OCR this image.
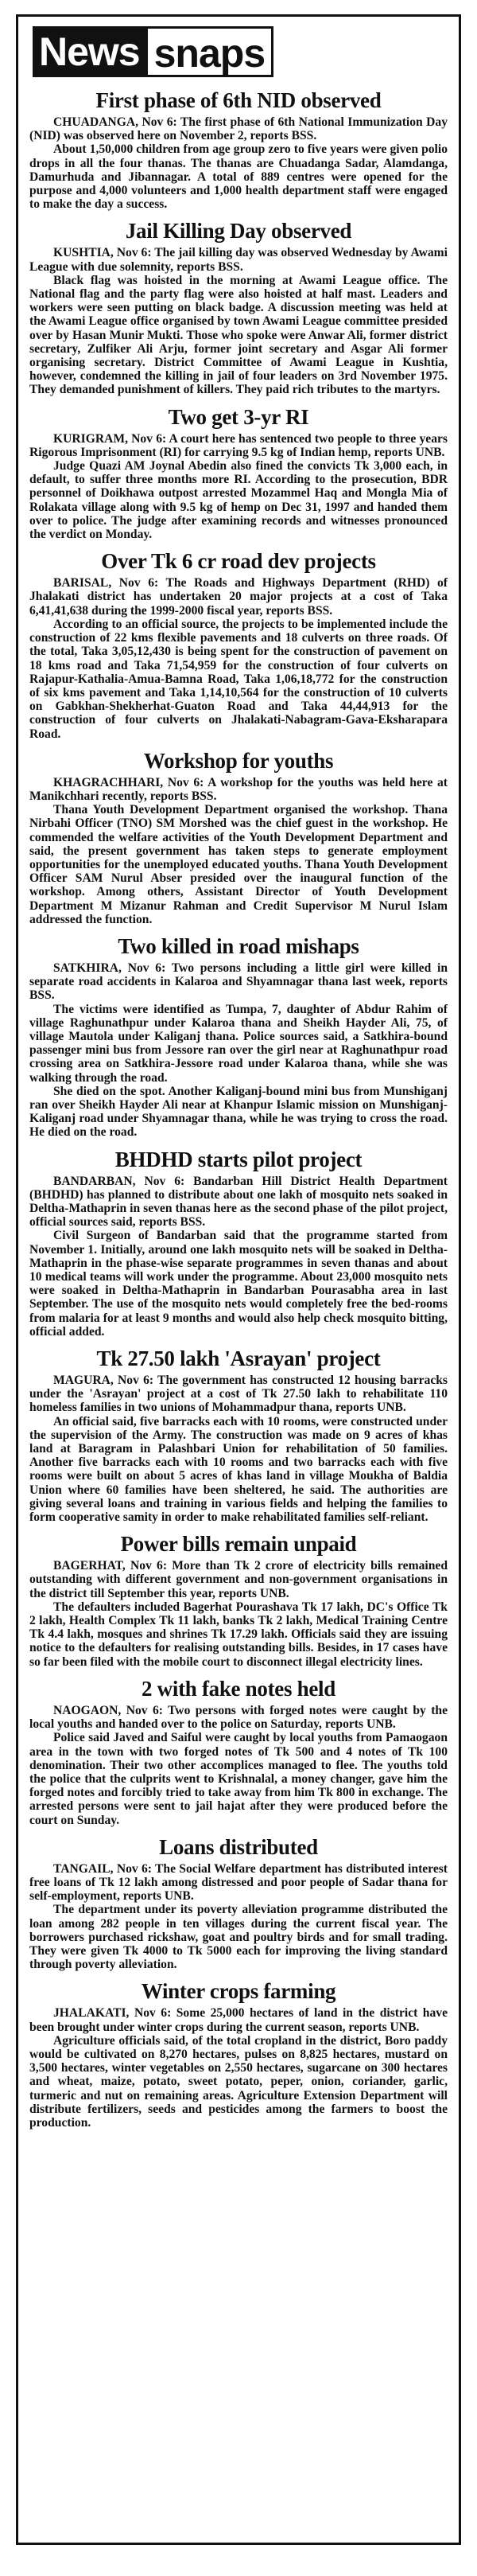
News snaps
First phase of 6th NID observed

CHUADANGA, Nov 6: The first phase of 6th National Immunization Day (NID) was observed here on November 2, reports BSS.

About 1,50,000 children from age group zero to five years were given polio drops in all the four thanas. The thanas are Chuadanga Sadar, Alamdanga, Damurhuda and Jibannagar. A total of 889 centres were opened for the purpose and 4,000 volunteers and 1,000 health department staff were engaged to make the day a success.

Jail Killing Day observed

KUSHTIA, Nov 6: The jail killing day was observed Wednesday by Awami League with due solemnity, reports BSS.

Black flag was hoisted in the morning at Awami League office. The National flag and the party flag were also hoisted at half mast. Leaders and workers were seen putting on black badge. A discussion meeting was held at the Awami League office organised by town Awami League committee presided over by Hasan Munir Mukti. Those who spoke were Anwar Ali, former district secretary, Zulfiker Ali Arju, former joint secretary and Asgar Ali former organising secretary. District Committee of Awami League in Kushtia, however, condemned the killing in jail of four leaders on 3rd November 1975. They demanded punishment of killers. They paid rich tributes to the martyrs.

Two get 3-yr RI

KURIGRAM, Nov 6: A court here has sentenced two people to three years Rigorous Imprisonment (RI) for carrying 9.5 kg of Indian hemp, reports UNB.

Judge Quazi AM Joynal Abedin also fined the convicts Tk 3,000 each, in default, to suffer three months more RI. According to the prosecution, BDR personnel of Doikhawa outpost arrested Mozammel Haq and Mongla Mia of Rolakata village along with 9.5 kg of hemp on Dec 31, 1997 and handed them over to police. The judge after examining records and witnesses pronounced the verdict on Monday.

Over Tk 6 cr road dev projects

BARISAL, Nov 6: The Roads and Highways Department (RHD) of Jhalakati district has undertaken 20 major projects at a cost of Taka 6,41,41,638 during the 1999-2000 fiscal year, reports BSS.

According to an official source, the projects to be implemented include the construction of 22 kms flexible pavements and 18 culverts on three roads. Of the total, Taka 3,05,12,430 is being spent for the construction of pavement on 18 kms road and Taka 71,54,959 for the construction of four culverts on Rajapur-Kathalia-Amua-Bamna Road, Taka 1,06,18,772 for the construction of six kms pavement and Taka 1,14,10,564 for the construction of 10 culverts on Gabkhan-Shekherhat-Guaton Road and Taka 44,44,913 for the construction of four culverts on Jhalakati-Nabagram-Gava-Eksharapara Road.

Workshop for youths

KHAGRACHHARI, Nov 6: A workshop for the youths was held here at Manikchhari recently, reports BSS.

Thana Youth Development Department organised the workshop. Thana Nirbahi Officer (TNO) SM Morshed was the chief guest in the workshop. He commended the welfare activities of the Youth Development Department and said, the present government has taken steps to generate employment opportunities for the unemployed educated youths. Thana Youth Development Officer SAM Nurul Abser presided over the inaugural function of the workshop. Among others, Assistant Director of Youth Development Department M Mizanur Rahman and Credit Supervisor M Nurul Islam addressed the function.

Two killed in road mishaps

SATKHIRA, Nov 6: Two persons including a little girl were killed in separate road accidents in Kalaroa and Shyamnagar thana last week, reports BSS.

The victims were identified as Tumpa, 7, daughter of Abdur Rahim of village Raghunathpur under Kalaroa thana and Sheikh Hayder Ali, 75, of village Mautola under Kaliganj thana. Police sources said, a Satkhira-bound passenger mini bus from Jessore ran over the girl near at Raghunathpur road crossing area on Satkhira-Jessore road under Kalaroa thana, while she was walking through the road.

She died on the spot. Another Kaliganj-bound mini bus from Munshiganj ran over Sheikh Hayder Ali near at Khanpur Islamic mission on Munshiganj-Kaliganj road under Shyamnagar thana, while he was trying to cross the road. He died on the road.

BHDHD starts pilot project

BANDARBAN, Nov 6: Bandarban Hill District Health Department (BHDHD) has planned to distribute about one lakh of mosquito nets soaked in Deltha-Mathaprin in seven thanas here as the second phase of the pilot project, official sources said, reports BSS.

Civil Surgeon of Bandarban said that the programme started from November 1. Initially, around one lakh mosquito nets will be soaked in Deltha-Mathaprin in the phase-wise separate programmes in seven thanas and about 10 medical teams will work under the programme. About 23,000 mosquito nets were soaked in Deltha-Mathaprin in Bandarban Pourasabha area in last September. The use of the mosquito nets would completely free the bed-rooms from malaria for at least 9 months and would also help check mosquito bitting, official added.

Tk 27.50 lakh 'Asrayan' project

MAGURA, Nov 6: The government has constructed 12 housing barracks under the 'Asrayan' project at a cost of Tk 27.50 lakh to rehabilitate 110 homeless families in two unions of Mohammadpur thana, reports UNB.

An official said, five barracks each with 10 rooms, were constructed under the supervision of the Army. The construction was made on 9 acres of khas land at Baragram in Palashbari Union for rehabilitation of 50 families. Another five barracks each with 10 rooms and two barracks each with five rooms were built on about 5 acres of khas land in village Moukha of Baldia Union where 60 families have been sheltered, he said. The authorities are giving several loans and training in various fields and helping the families to form cooperative samity in order to make rehabilitated families self-reliant.

Power bills remain unpaid

BAGERHAT, Nov 6: More than Tk 2 crore of electricity bills remained outstanding with different government and non-government organisations in the district till September this year, reports UNB.

The defaulters included Bagerhat Pourashava Tk 17 lakh, DC's Office Tk 2 lakh, Health Complex Tk 11 lakh, banks Tk 2 lakh, Medical Training Centre Tk 4.4 lakh, mosques and shrines Tk 17.29 lakh. Officials said they are issuing notice to the defaulters for realising outstanding bills. Besides, in 17 cases have so far been filed with the mobile court to disconnect illegal electricity lines.

2 with fake notes held

NAOGAON, Nov 6: Two persons with forged notes were caught by the local youths and handed over to the police on Saturday, reports UNB.

Police said Javed and Saiful were caught by local youths from Pamaogaon area in the town with two forged notes of Tk 500 and 4 notes of Tk 100 denomination. Their two other accomplices managed to flee. The youths told the police that the culprits went to Krishnalal, a money changer, gave him the forged notes and forcibly tried to take away from him Tk 800 in exchange. The arrested persons were sent to jail hajat after they were produced before the court on Sunday.

Loans distributed

TANGAIL, Nov 6: The Social Welfare department has distributed interest free loans of Tk 12 lakh among distressed and poor people of Sadar thana for self-employment, reports UNB.

The department under its poverty alleviation programme distributed the loan among 282 people in ten villages during the current fiscal year. The borrowers purchased rickshaw, goat and poultry birds and for small trading. They were given Tk 4000 to Tk 5000 each for improving the living standard through poverty alleviation.

Winter crops farming

JHALAKATI, Nov 6: Some 25,000 hectares of land in the district have been brought under winter crops during the current season, reports UNB.

Agriculture officials said, of the total cropland in the district, Boro paddy would be cultivated on 8,270 hectares, pulses on 8,825 hectares, mustard on 3,500 hectares, winter vegetables on 2,550 hectares, sugarcane on 300 hectares and wheat, maize, potato, sweet potato, peper, onion, coriander, garlic, turmeric and nut on remaining areas. Agriculture Extension Department will distribute fertilizers, seeds and pesticides among the farmers to boost the production.
